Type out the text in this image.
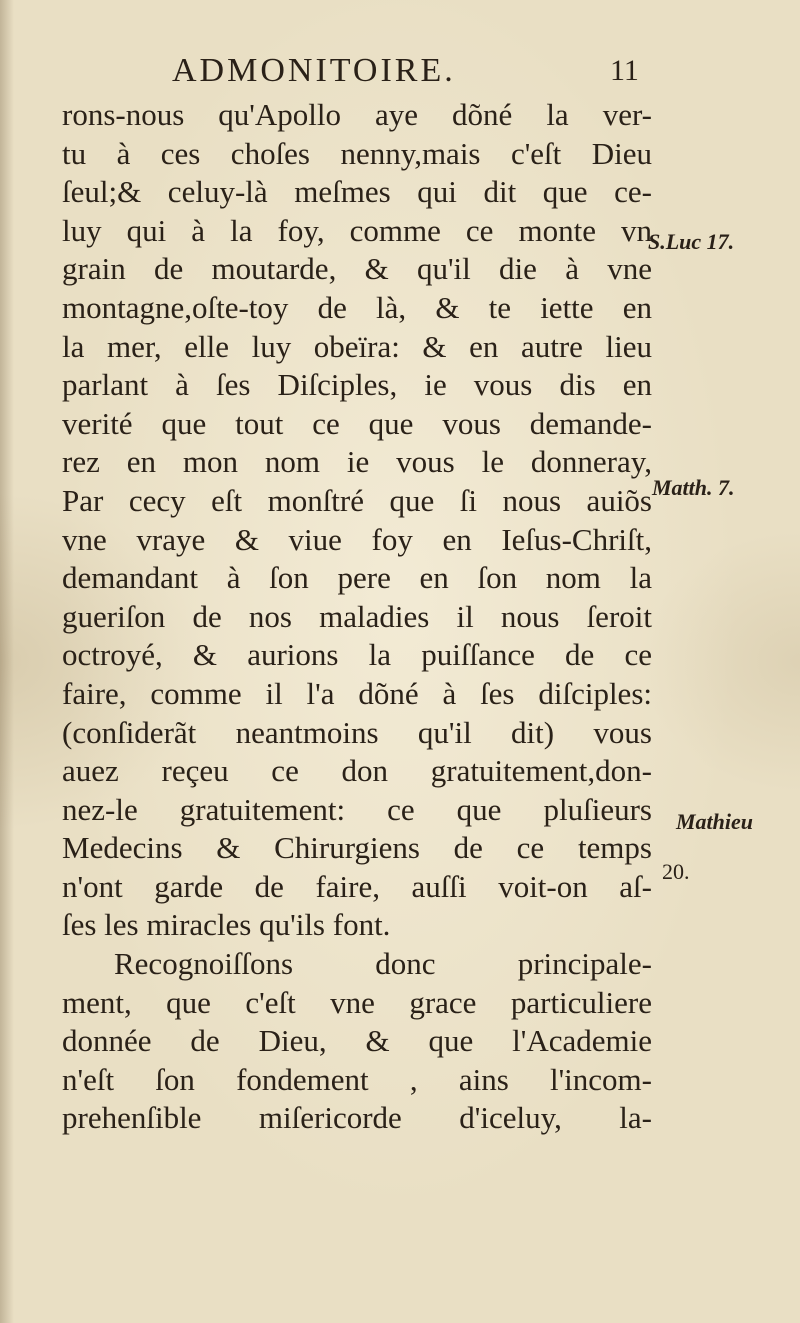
ADMONITOIRE.	11
rons-nous qu'Apollo aye dõné la ver-
tu à ces choſes nenny,mais c'eſt Dieu
ſeul;& celuy-là meſmes qui dit que ce-
luy qui à la foy, comme ce monte vn
grain de moutarde, & qu'il die à vne
montagne,oſte-toy de là, & te iette en
la mer, elle luy obeïra: & en autre lieu
parlant à ſes Diſciples, ie vous dis en
verité que tout ce que vous demande-
rez en mon nom ie vous le donneray,
Par cecy eſt monſtré que ſi nous auiõs
vne vraye & viue foy en Ieſus-Chriſt,
demandant à ſon pere en ſon nom la
gueriſon de nos maladies il nous ſeroit
octroyé, & aurions la puiſſance de ce
faire, comme il l'a dõné à ſes diſciples:
(conſiderãt neantmoins qu'il dit) vous
auez reçeu ce don gratuitement,don-
nez-le gratuitement: ce que pluſieurs
Medecins & Chirurgiens de ce temps
n'ont garde de faire, auſſi voit-on aſ-
ſes les miracles qu'ils font.
Recognoiſſons donc principale-
ment, que c'eſt vne grace particuliere
donnée de Dieu, & que l'Academie
n'eſt ſon fondement , ains l'incom-
prehenſible miſericorde d'iceluy, la-
S.Luc 17.
Matth. 7.
Mathieu
20.
